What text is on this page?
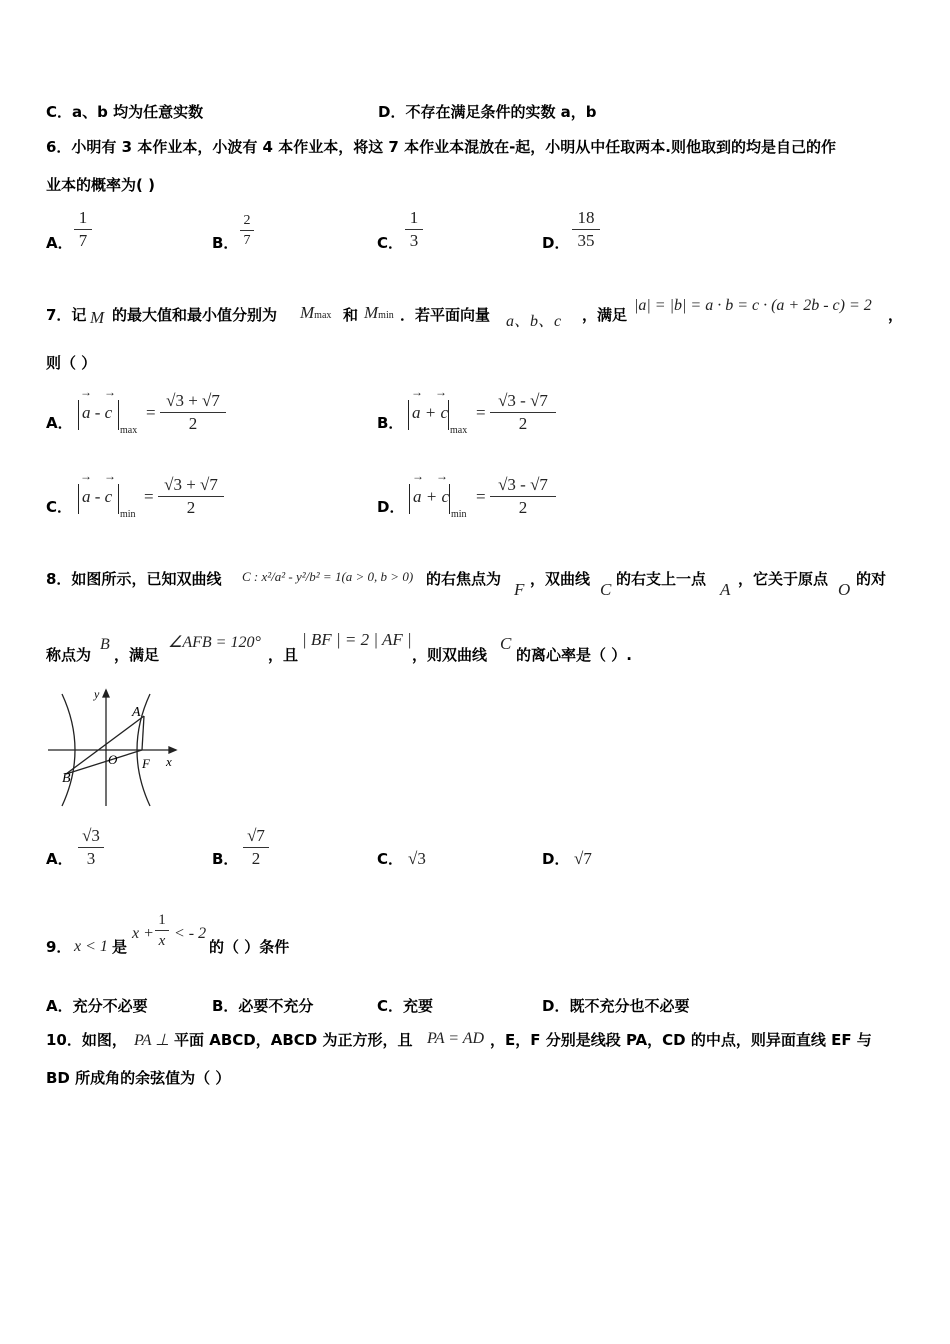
C．a、b 均为任意实数	D．不存在满足条件的实数 a，b
6．小明有 3 本作业本，小波有 4 本作业本，将这 7 本作业本混放在-起，小明从中任取两本.则他取到的均是自己的作
业本的概率为( )
A．
1
7	B．
2
7	C．
1
3	D．
18
35
7．记 M 的最大值和最小值分别为 Mmax 和 Mmin ．若平面向量 a、b、c ，满足
|a| = |b| = a · b = c · (a + 2b - c) = 2
，
则（ ）
A．
→    →
a - c
max
=
√3 + √7
2	B．
→    →
a + c
max
=
√3 - √7
2
C．
→    →
a - c
min
=
√3 + √7
2	D．
→    →
a + c
min
=
√3 - √7
2
8．如图所示，已知双曲线 C : x²/a² - y²/b² = 1(a > 0, b > 0) 的右焦点为
F
，双曲线
C
的右支上一点
A
，它关于原点
O
的对
称点为
B
，满足
∠AFB = 120°
，且
| BF | = 2 | AF |
，则双曲线
C
的离心率是（ ）.
y
A
B
O F x
A．
√3
3	B．
√7
2	C． √3	D． √7
9． x < 1 是
x +
1
x < - 2
的（ ）条件
A．充分不必要	B．必要不充分	C．充要	D．既不充分也不必要
10．如图， PA ⊥ 平面 ABCD，ABCD 为正方形，且 PA = AD ，E，F 分别是线段 PA，CD 的中点，则异面直线 EF 与
BD 所成角的余弦值为（ ）
